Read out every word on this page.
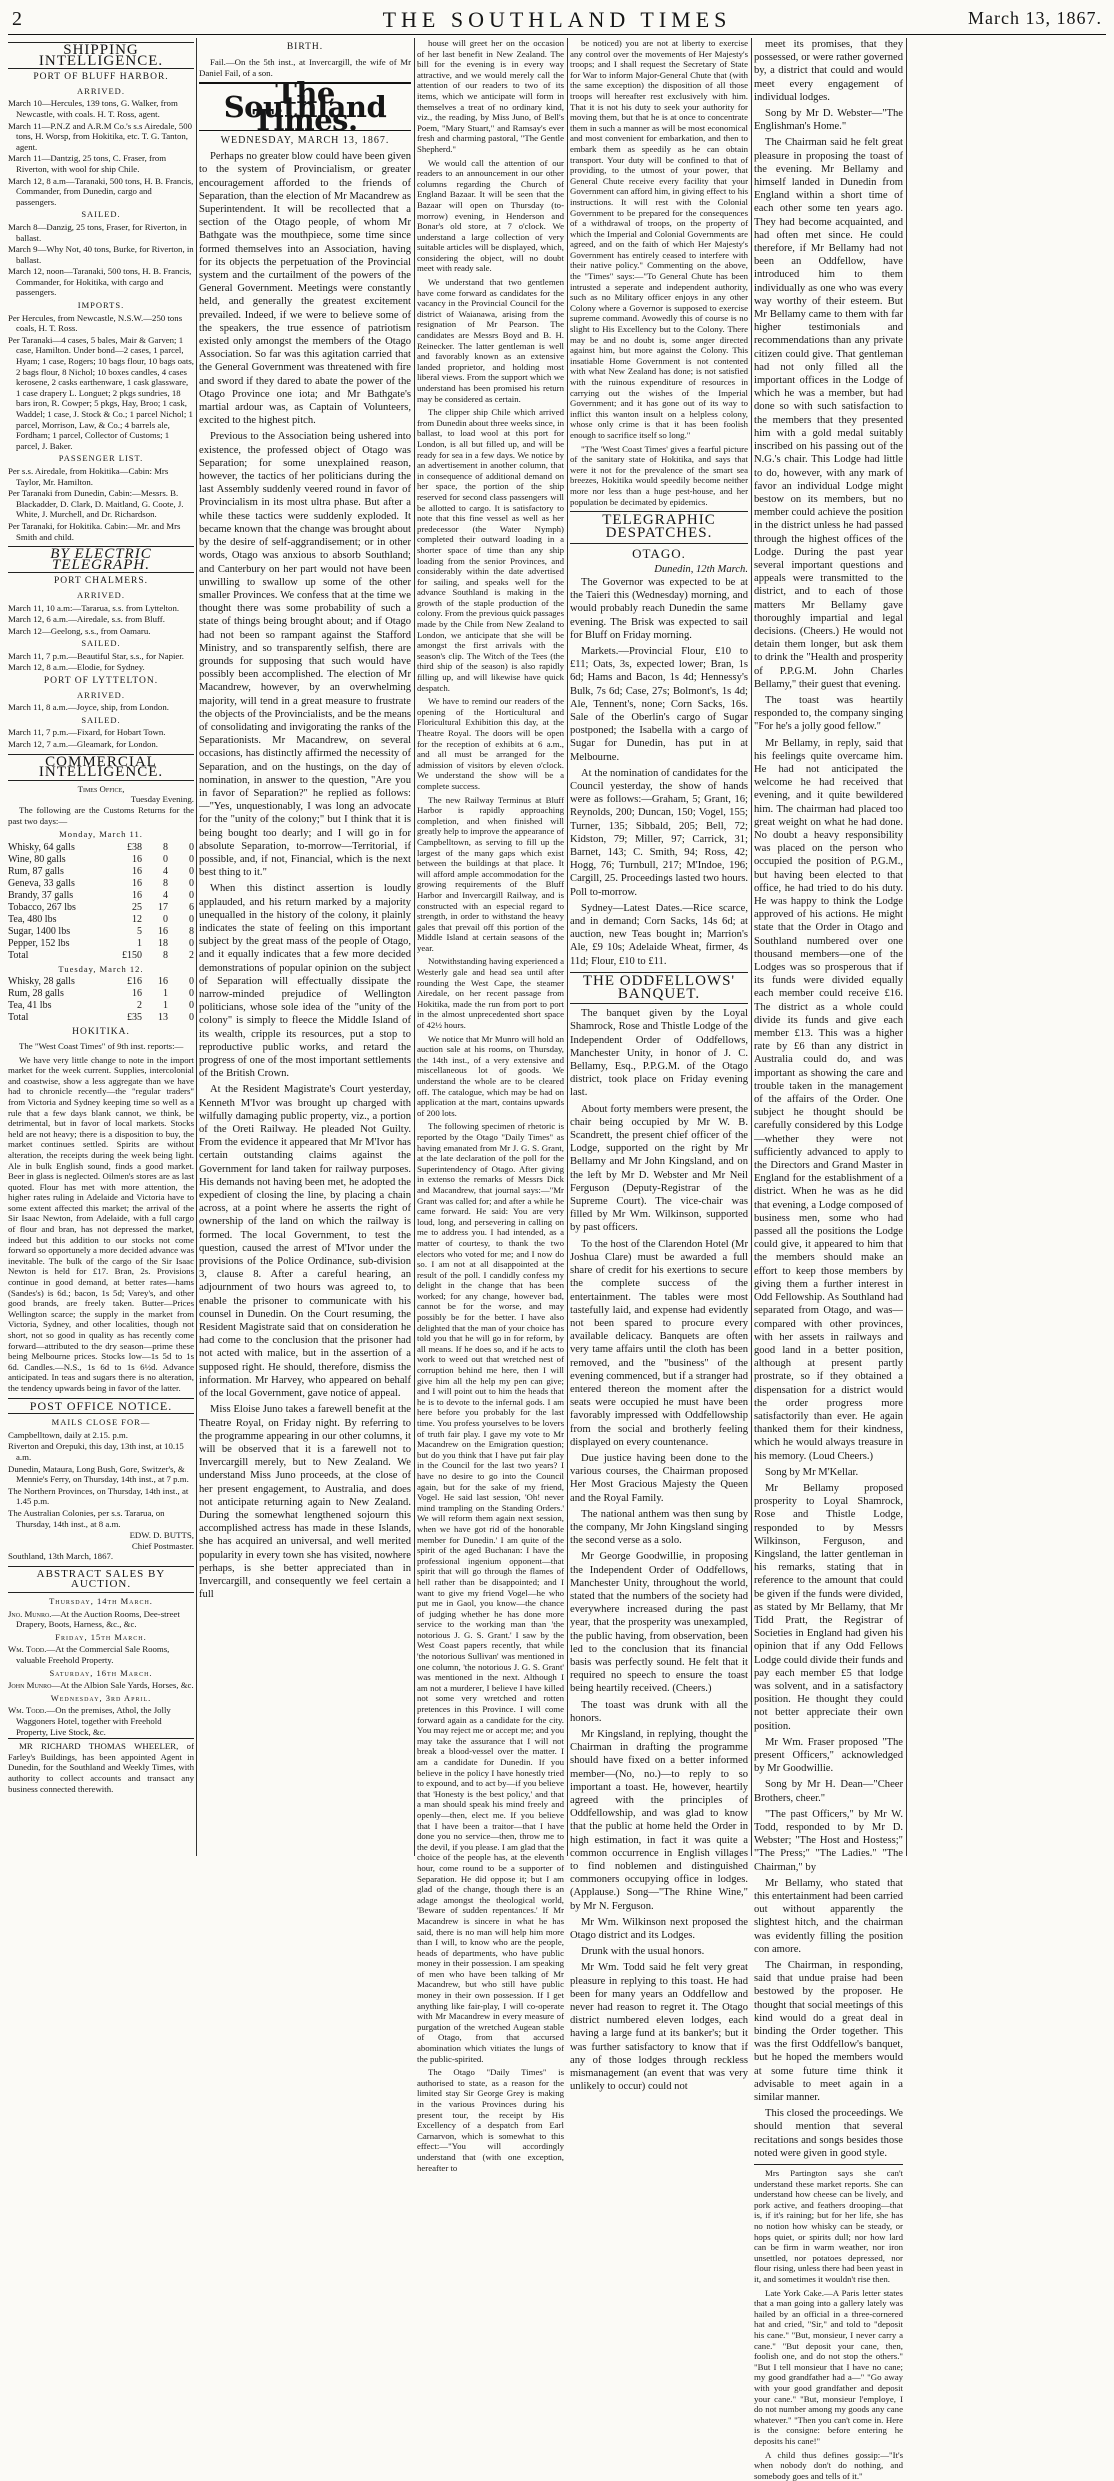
2	THE SOUTHLAND TIMES	March 13, 1867.
SHIPPING INTELLIGENCE.
PORT OF BLUFF HARBOR.
ARRIVED.
March 10—Hercules, 139 tons, G. Walker, from Newcastle, with coals. H. T. Ross, agent.
March 11—P.N.Z and A.R.M Co.'s s.s Airedale, 500 tons, H. Worsp, from Hokitika, etc. T. G. Tanton, agent.
March 11—Dantzig, 25 tons, C. Fraser, from Riverton, with wool for ship Chile.
March 12, 8 a.m—Taranaki, 500 tons, H. B. Francis, Commander, from Dunedin, cargo and passengers.
SAILED.
March 8—Danzig, 25 tons, Fraser, for Riverton, in ballast.
March 9—Why Not, 40 tons, Burke, for Riverton, in ballast.
March 12, noon—Taranaki, 500 tons, H. B. Francis, Commander, for Hokitika, with cargo and passengers.
IMPORTS.
Per Hercules, from Newcastle, N.S.W.—250 tons coals, H. T. Ross.
Per Taranaki—4 cases, 5 bales, Mair & Garven; 1 case, Hamilton. Under bond—2 cases, 1 parcel, Hyam; 1 case, Rogers; 10 bags flour, 10 bags oats, 2 bags flour, 8 Nichol; 10 boxes candles, 4 cases kerosene, 2 casks earthenware, 1 cask glassware, 1 case drapery L. Longuet; 2 pkgs sundries, 18 bars iron, R. Cowper; 5 pkgs, Hay, Broo; 1 cask, Waddel; 1 case, J. Stock & Co.; 1 parcel Nichol; 1 parcel, Morrison, Law, & Co.; 4 barrels ale, Fordham; 1 parcel, Collector of Customs; 1 parcel, J. Baker.
PASSENGER LIST.
Per s.s. Airedale, from Hokitika—Cabin: Mrs Taylor, Mr. Hamilton.
Per Taranaki from Dunedin, Cabin:—Messrs. B. Blackadder, D. Clark, D. Maitland, G. Coote, J. White, J. Murchell, and Dr. Richardson.
Per Taranaki, for Hokitika. Cabin:—Mr. and Mrs Smith and child.
BY ELECTRIC TELEGRAPH.
PORT CHALMERS.
ARRIVED.
March 11, 10 a.m:—Tararua, s.s. from Lyttelton.
March 12, 6 a.m.—Airedale, s.s. from Bluff.
March 12—Geelong, s.s., from Oamaru.
SAILED.
March 11, 7 p.m.—Beautiful Star, s.s., for Napier.
March 12, 8 a.m.—Elodie, for Sydney.
PORT OF LYTTELTON.
ARRIVED.
March 11, 8 a.m.—Joyce, ship, from London.
SAILED.
March 11, 7 p.m.—Fixard, for Hobart Town.
March 12, 7 a.m.—Gleamark, for London.
COMMERCIAL INTELLIGENCE.
Times Office,
Tuesday Evening.

The following are the Customs Returns for the past two days:—

Monday, March 11.
Whisky, 64 galls	£38	8	0
Wine, 80 galls	16	0	0
Rum, 87 galls	16	4	0
Geneva, 33 galls	16	8	0
Brandy, 37 galls	16	4	0
Tobacco, 267 lbs	25	17	6
Tea, 480 lbs	12	0	0
Sugar, 1400 lbs	5	16	8
Pepper, 152 lbs	1	18	0
Total	£150	8	2
Tuesday, March 12.
Whisky, 28 galls	£16	16	0
Rum, 28 galls	16	1	0
Tea, 41 lbs	2	1	0
Total	£35	13	0
HOKITIKA.

The "West Coast Times" of 9th inst. reports:—

We have very little change to note in the import market for the week current. Supplies, intercolonial and coastwise, show a less aggregate than we have had to chronicle recently—the "regular traders" from Victoria and Sydney keeping time so well as a rule that a few days blank cannot, we think, be detrimental, but in favor of local markets. Stocks held are not heavy; there is a disposition to buy, the market continues settled. Spirits are without alteration, the receipts during the week being light. Ale in bulk English sound, finds a good market. Beer in glass is neglected. Oilmen's stores are as last quoted. Flour has met with more attention, the higher rates ruling in Adelaide and Victoria have to some extent affected this market; the arrival of the Sir Isaac Newton, from Adelaide, with a full cargo of flour and bran, has not depressed the market, indeed but this addition to our stocks not come forward so opportunely a more decided advance was inevitable. The bulk of the cargo of the Sir Isaac Newton is held for £17. Bran, 2s. Provisions continue in good demand, at better rates—hams (Sandes's) is 6d.; bacon, 1s 5d; Varey's, and other good brands, are freely taken. Butter—Prices Wellington scarce; the supply in the market from Victoria, Sydney, and other localities, though not short, not so good in quality as has recently come forward—attributed to the dry season—prime these being Melbourne prices. Stocks low—1s 5d to 1s 6d. Candles.—N.S., 1s 6d to 1s 6½d. Advance anticipated. In teas and sugars there is no alteration, the tendency upwards being in favor of the latter.

POST OFFICE NOTICE.
MAILS CLOSE FOR—
Campbelltown, daily at 2.15. p.m.
Riverton and Orepuki, this day, 13th inst, at 10.15 a.m.
Dunedin, Mataura, Long Bush, Gore, Switzer's, & Mennie's Ferry, on Thursday, 14th inst., at 7 p.m.
The Northern Provinces, on Thursday, 14th inst., at 1.45 p.m.
The Australian Colonies, per s.s. Tararua, on Thursday, 14th inst., at 8 a.m.
EDW. D. BUTTS,
Chief Postmaster.
Southland, 13th March, 1867.
ABSTRACT SALES BY AUCTION.
Thursday, 14th March.
Jno. Munro.—At the Auction Rooms, Dee-street Drapery, Boots, Harness, &c., &c.
Friday, 15th March.
Wm. Todd.—At the Commercial Sale Rooms, valuable Freehold Property.
Saturday, 16th March.
John Munro—At the Albion Sale Yards, Horses, &c.
Wednesday, 3rd April.
Wm. Todd.—On the premises, Athol, the Jolly Waggoners Hotel, together with Freehold Property, Live Stock, &c.

MR RICHARD THOMAS WHEELER, of Farley's Buildings, has been appointed Agent in Dunedin, for the Southland and Weekly Times, with authority to collect accounts and transact any business connected therewith.

BIRTH.

Fail.—On the 5th inst., at Invercargill, the wife of Mr Daniel Fail, of a son.

The Southland Times.
WEDNESDAY, MARCH 13, 1867.

Perhaps no greater blow could have been given to the system of Provincialism, or greater encouragement afforded to the friends of Separation, than the election of Mr Macandrew as Superintendent. It will be recollected that a section of the Otago people, of whom Mr Bathgate was the mouthpiece, some time since formed themselves into an Association, having for its objects the perpetuation of the Provincial system and the curtailment of the powers of the General Government. Meetings were constantly held, and generally the greatest excitement prevailed. Indeed, if we were to believe some of the speakers, the true essence of patriotism existed only amongst the members of the Otago Association. So far was this agitation carried that the General Government was threatened with fire and sword if they dared to abate the power of the Otago Province one iota; and Mr Bathgate's martial ardour was, as Captain of Volunteers, excited to the highest pitch.

Previous to the Association being ushered into existence, the professed object of Otago was Separation; for some unexplained reason, however, the tactics of her politicians during the last Assembly suddenly veered round in favor of Provincialism in its most ultra phase. But after a while these tactics were suddenly exploded. It became known that the change was brought about by the desire of self-aggrandisement; or in other words, Otago was anxious to absorb Southland; and Canterbury on her part would not have been unwilling to swallow up some of the other smaller Provinces. We confess that at the time we thought there was some probability of such a state of things being brought about; and if Otago had not been so rampant against the Stafford Ministry, and so transparently selfish, there are grounds for supposing that such would have possibly been accomplished. The election of Mr Macandrew, however, by an overwhelming majority, will tend in a great measure to frustrate the objects of the Provincialists, and be the means of consolidating and invigorating the ranks of the Separationists. Mr Macandrew, on several occasions, has distinctly affirmed the necessity of Separation, and on the hustings, on the day of nomination, in answer to the question, "Are you in favor of Separation?" he replied as follows:—"Yes, unquestionably, I was long an advocate for the "unity of the colony;" but I think that it is being bought too dearly; and I will go in for absolute Separation, to-morrow—Territorial, if possible, and, if not, Financial, which is the next best thing to it."

When this distinct assertion is loudly applauded, and his return marked by a majority unequalled in the history of the colony, it plainly indicates the state of feeling on this important subject by the great mass of the people of Otago, and it equally indicates that a few more decided demonstrations of popular opinion on the subject of Separation will effectually dissipate the narrow-minded prejudice of Wellington politicians, whose sole idea of the "unity of the colony" is simply to fleece the Middle Island of its wealth, cripple its resources, put a stop to reproductive public works, and retard the progress of one of the most important settlements of the British Crown.

At the Resident Magistrate's Court yesterday, Kenneth M'Ivor was brought up charged with wilfully damaging public property, viz., a portion of the Oreti Railway. He pleaded Not Guilty. From the evidence it appeared that Mr M'Ivor has certain outstanding claims against the Government for land taken for railway purposes. His demands not having been met, he adopted the expedient of closing the line, by placing a chain across, at a point where he asserts the right of ownership of the land on which the railway is formed. The local Government, to test the question, caused the arrest of M'Ivor under the provisions of the Police Ordinance, sub-division 3, clause 8. After a careful hearing, an adjournment of two hours was agreed to, to enable the prisoner to communicate with his counsel in Dunedin. On the Court resuming, the Resident Magistrate said that on consideration he had come to the conclusion that the prisoner had not acted with malice, but in the assertion of a supposed right. He should, therefore, dismiss the information. Mr Harvey, who appeared on behalf of the local Government, gave notice of appeal.

Miss Eloise Juno takes a farewell benefit at the Theatre Royal, on Friday night. By referring to the programme appearing in our other columns, it will be observed that it is a farewell not to Invercargill merely, but to New Zealand. We understand Miss Juno proceeds, at the close of her present engagement, to Australia, and does not anticipate returning again to New Zealand. During the somewhat lengthened sojourn this accomplished actress has made in these Islands, she has acquired an universal, and well merited popularity in every town she has visited, nowhere perhaps, is she better appreciated than in Invercargill, and consequently we feel certain a full

house will greet her on the occasion of her last benefit in New Zealand. The bill for the evening is in every way attractive, and we would merely call the attention of our readers to two of its items, which we anticipate will form in themselves a treat of no ordinary kind, viz., the reading, by Miss Juno, of Bell's Poem, "Mary Stuart," and Ramsay's ever fresh and charming pastoral, "The Gentle Shepherd."

We would call the attention of our readers to an announcement in our other columns regarding the Church of England Bazaar. It will be seen that the Bazaar will open on Thursday (to-morrow) evening, in Henderson and Bonar's old store, at 7 o'clock. We understand a large collection of very suitable articles will be displayed, which, considering the object, will no doubt meet with ready sale.

We understand that two gentlemen have come forward as candidates for the vacancy in the Provincial Council for the district of Waianawa, arising from the resignation of Mr Pearson. The candidates are Messrs Boyd and B. H. Reinecker. The latter gentleman is well and favorably known as an extensive landed proprietor, and holding most liberal views. From the support which we understand has been promised his return may be considered as certain.

The clipper ship Chile which arrived from Dunedin about three weeks since, in ballast, to load wool at this port for London, is all but filled up, and will be ready for sea in a few days. We notice by an advertisement in another column, that in consequence of additional demand on her space, the portion of the ship reserved for second class passengers will be allotted to cargo. It is satisfactory to note that this fine vessel as well as her predecessor (the Water Nymph) completed their outward loading in a shorter space of time than any ship loading from the senior Provinces, and considerably within the date advertised for sailing, and speaks well for the advance Southland is making in the growth of the staple production of the colony. From the previous quick passages made by the Chile from New Zealand to London, we anticipate that she will be amongst the first arrivals with the season's clip. The Witch of the Tees (the third ship of the season) is also rapidly filling up, and will likewise have quick despatch.

We have to remind our readers of the opening of the Horticultural and Floricultural Exhibition this day, at the Theatre Royal. The doors will be open for the reception of exhibits at 6 a.m., and all must be arranged for the admission of visitors by eleven o'clock. We understand the show will be a complete success.

The new Railway Terminus at Bluff Harbor is rapidly approaching completion, and when finished will greatly help to improve the appearance of Campbelltown, as serving to fill up the largest of the many gaps which exist between the buildings at that place. It will afford ample accommodation for the growing requirements of the Bluff Harbor and Invercargill Railway, and is constructed with an especial regard to strength, in order to withstand the heavy gales that prevail off this portion of the Middle Island at certain seasons of the year.

Notwithstanding having experienced a Westerly gale and head sea until after rounding the West Cape, the steamer Airedale, on her recent passage from Hokitika, made the run from port to port in the almost unprecedented short space of 42½ hours.

We notice that Mr Munro will hold an auction sale at his rooms, on Thursday, the 14th inst., of a very extensive and miscellaneous lot of goods. We understand the whole are to be cleared off. The catalogue, which may be had on application at the mart, contains upwards of 200 lots.

The following specimen of rhetoric is reported by the Otago "Daily Times" as having emanated from Mr J. G. S. Grant, at the late declaration of the poll for the Superintendency of Otago. After giving in extenso the remarks of Messrs Dick and Macandrew, that journal says:—"Mr Grant was called for; and after a while he came forward. He said: You are very loud, long, and persevering in calling on me to address you. I had intended, as a matter of courtesy, to thank the two electors who voted for me; and I now do so. I am not at all disappointed at the result of the poll. I candidly confess my delight in the change that has been worked; for any change, however bad, cannot be for the worse, and may possibly be for the better. I have also delighted that the man of your choice has told you that he will go in for reform, by all means. If he does so, and if he acts to work to weed out that wretched nest of corruption behind me here, then I will give him all the help my pen can give; and I will point out to him the heads that he is to devote to the infernal gods. I am here before you probably for the last time. You profess yourselves to be lovers of truth fair play. I gave my vote to Mr Macandrew on the Emigration question; but do you think that I have put fair play in the Council for the last two years? I have no desire to go into the Council again, but for the sake of my friend, Vogel. He said last session, 'Oh! never mind trampling on the Standing Orders.' We will reform them again next session, when we have got rid of the honorable member for Dunedin.' I am quite of the spirit of the aged Buchanan: I have the professional ingenium opponent—that spirit that will go through the flames of hell rather than be disappointed; and I want to give my friend Vogel—he who put me in Gaol, you know—the chance of judging whether he has done more service to the working man than 'the notorious J. G. S. Grant.' I saw by the West Coast papers recently, that while 'the notorious Sullivan' was mentioned in one column, 'the notorious J. G. S. Grant' was mentioned in the next. Although I am not a murderer, I believe I have killed not some very wretched and rotten pretences in this Province. I will come forward again as a candidate for the city. You may reject me or accept me; and you may take the assurance that I will not break a blood-vessel over the matter. I am a candidate for Dunedin. If you believe in the policy I have honestly tried to expound, and to act by—if you believe that 'Honesty is the best policy,' and that a man should speak his mind freely and openly—then, elect me. If you believe that I have been a traitor—that I have done you no service—then, throw me to the devil, if you please. I am glad that the choice of the people has, at the eleventh hour, come round to be a supporter of Separation. He did oppose it; but I am glad of the change, though there is an adage amongst the theological world, 'Beware of sudden repentances.' If Mr Macandrew is sincere in what he has said, there is no man will help him more than I will, to know who are the people, heads of departments, who have public money in their possession. I am speaking of men who have been talking of Mr Macandrew, but who still have public money in their own possession. If I get anything like fair-play, I will co-operate with Mr Macandrew in every measure of purgation of the wretched Augean stable of Otago, from that accursed abomination which vitiates the lungs of the public-spirited.

The Otago "Daily Times" is authorised to state, as a reason for the limited stay Sir George Grey is making in the various Provinces during his present tour, the receipt by His Excellency of a despatch from Earl Carnarvon, which is somewhat to this effect:—"You will accordingly understand that (with one exception, hereafter to

be noticed) you are not at liberty to exercise any control over the movements of Her Majesty's troops; and I shall request the Secretary of State for War to inform Major-General Chute that (with the same exception) the disposition of all those troops will hereafter rest exclusively with him. That it is not his duty to seek your authority for moving them, but that he is at once to concentrate them in such a manner as will be most economical and most convenient for embarkation, and then to embark them as speedily as he can obtain transport. Your duty will be confined to that of providing, to the utmost of your power, that General Chute receive every facility that your Government can afford him, in giving effect to his instructions. It will rest with the Colonial Government to be prepared for the consequences of a withdrawal of troops, on the property of which the Imperial and Colonial Governments are agreed, and on the faith of which Her Majesty's Government has entirely ceased to interfere with their native policy." Commenting on the above, the "Times" says:—"To General Chute has been intrusted a seperate and independent authority, such as no Military officer enjoys in any other Colony where a Governor is supposed to exercise supreme command. Avowedly this of course is no slight to His Excellency but to the Colony. There may be and no doubt is, some anger directed against him, but more against the Colony. This insatiable Home Government is not contented with what New Zealand has done; is not satisfied with the ruinous expenditure of resources in carrying out the wishes of the Imperial Government; and it has gone out of its way to inflict this wanton insult on a helpless colony, whose only crime is that it has been foolish enough to sacrifice itself so long."

"The 'West Coast Times' gives a fearful picture of the sanitary state of Hokitika, and says that were it not for the prevalence of the smart sea breezes, Hokitika would speedily become neither more nor less than a huge pest-house, and her population be decimated by epidemics.

TELEGRAPHIC DESPATCHES.
OTAGO.
Dunedin, 12th March.

The Governor was expected to be at the Taieri this (Wednesday) morning, and would probably reach Dunedin the same evening. The Brisk was expected to sail for Bluff on Friday morning.

Markets.—Provincial Flour, £10 to £11; Oats, 3s, expected lower; Bran, 1s 6d; Hams and Bacon, 1s 4d; Hennessy's Bulk, 7s 6d; Case, 27s; Bolmont's, 1s 4d; Ale, Tennent's, none; Corn Sacks, 16s. Sale of the Oberlin's cargo of Sugar postponed; the Isabella with a cargo of Sugar for Dunedin, has put in at Melbourne.

At the nomination of candidates for the Council yesterday, the show of hands were as follows:—Graham, 5; Grant, 16; Reynolds, 200; Duncan, 150; Vogel, 155; Turner, 135; Sibbald, 205; Bell, 72; Kidston, 79; Miller, 97; Carrick, 31; Barnet, 143; C. Smith, 94; Ross, 42; Hogg, 76; Turnbull, 217; M'Indoe, 196; Cargill, 25. Proceedings lasted two hours. Poll to-morrow.

Sydney—Latest Dates.—Rice scarce, and in demand; Corn Sacks, 14s 6d; at auction, new Teas bought in; Marrion's Ale, £9 10s; Adelaide Wheat, firmer, 4s 11d; Flour, £10 to £11.

THE ODDFELLOWS' BANQUET.

The banquet given by the Loyal Shamrock, Rose and Thistle Lodge of the Independent Order of Oddfellows, Manchester Unity, in honor of J. C. Bellamy, Esq., P.P.G.M. of the Otago district, took place on Friday evening last.

About forty members were present, the chair being occupied by Mr W. B. Scandrett, the present chief officer of the Lodge, supported on the right by Mr Bellamy and Mr John Kingsland, and on the left by Mr D. Webster and Mr Neil Ferguson (Deputy-Registrar of the Supreme Court). The vice-chair was filled by Mr Wm. Wilkinson, supported by past officers.

To the host of the Clarendon Hotel (Mr Joshua Clare) must be awarded a full share of credit for his exertions to secure the complete success of the entertainment. The tables were most tastefully laid, and expense had evidently not been spared to procure every available delicacy. Banquets are often very tame affairs until the cloth has been removed, and the "business" of the evening commenced, but if a stranger had entered thereon the moment after the seats were occupied he must have been favorably impressed with Oddfellowship from the social and brotherly feeling displayed on every countenance.

Due justice having been done to the various courses, the Chairman proposed Her Most Gracious Majesty the Queen and the Royal Family.

The national anthem was then sung by the company, Mr John Kingsland singing the second verse as a solo.

Mr George Goodwillie, in proposing the Independent Order of Oddfellows, Manchester Unity, throughout the world, stated that the numbers of the society had everywhere increased during the past year, that the prosperity was unexampled, the public having, from observation, been led to the conclusion that its financial basis was perfectly sound. He felt that it required no speech to ensure the toast being heartily received. (Cheers.)

The toast was drunk with all the honors.

Mr Kingsland, in replying, thought the Chairman in drafting the programme should have fixed on a better informed member—(No, no.)—to reply to so important a toast. He, however, heartily agreed with the principles of Oddfellowship, and was glad to know that the public at home held the Order in high estimation, in fact it was quite a common occurrence in English villages to find noblemen and distinguished commoners occupying office in lodges. (Applause.) Song—"The Rhine Wine," by Mr N. Ferguson.

Mr Wm. Wilkinson next proposed the Otago district and its Lodges.

Drunk with the usual honors.

Mr Wm. Todd said he felt very great pleasure in replying to this toast. He had been for many years an Oddfellow and never had reason to regret it. The Otago district numbered eleven lodges, each having a large fund at its banker's; but it was further satisfactory to know that if any of those lodges through reckless mismanagement (an event that was very unlikely to occur) could not

meet its promises, that they possessed, or were rather governed by, a district that could and would meet every engagement of individual lodges.

Song by Mr D. Webster—"The Englishman's Home."

The Chairman said he felt great pleasure in proposing the toast of the evening. Mr Bellamy and himself landed in Dunedin from England within a short time of each other some ten years ago. They had become acquainted, and had often met since. He could therefore, if Mr Bellamy had not been an Oddfellow, have introduced him to them individually as one who was every way worthy of their esteem. But Mr Bellamy came to them with far higher testimonials and recommendations than any private citizen could give. That gentleman had not only filled all the important offices in the Lodge of which he was a member, but had done so with such satisfaction to the members that they presented him with a gold medal suitably inscribed on his passing out of the N.G.'s chair. This Lodge had little to do, however, with any mark of favor an individual Lodge might bestow on its members, but no member could achieve the position in the district unless he had passed through the highest offices of the Lodge. During the past year several important questions and appeals were transmitted to the district, and to each of those matters Mr Bellamy gave thoroughly impartial and legal decisions. (Cheers.) He would not detain them longer, but ask them to drink the "Health and prosperity of P.P.G.M. John Charles Bellamy," their guest that evening.

The toast was heartily responded to, the company singing "For he's a jolly good fellow."

Mr Bellamy, in reply, said that his feelings quite overcame him. He had not anticipated the welcome he had received that evening, and it quite bewildered him. The chairman had placed too great weight on what he had done. No doubt a heavy responsibility was placed on the person who occupied the position of P.G.M., but having been elected to that office, he had tried to do his duty. He was happy to think the Lodge approved of his actions. He might state that the Order in Otago and Southland numbered over one thousand members—one of the Lodges was so prosperous that if its funds were divided equally each member could receive £16. The district as a whole could divide its funds and give each member £13. This was a higher rate by £6 than any district in Australia could do, and was important as showing the care and trouble taken in the management of the affairs of the Order. One subject he thought should be carefully considered by this Lodge—whether they were not sufficiently advanced to apply to the Directors and Grand Master in England for the establishment of a district. When he was as he did that evening, a Lodge composed of business men, some who had passed all the positions the Lodge could give, it appeared to him that the members should make an effort to keep those members by giving them a further interest in Odd Fellowship. As Southland had separated from Otago, and was—compared with other provinces, with her assets in railways and good land in a better position, although at present partly prostrate, so if they obtained a dispensation for a district would the order progress more satisfactorily than ever. He again thanked them for their kindness, which he would always treasure in his memory. (Loud Cheers.)

Song by Mr M'Kellar.

Mr Bellamy proposed prosperity to Loyal Shamrock, Rose and Thistle Lodge, responded to by Messrs Wilkinson, Ferguson, and Kingsland, the latter gentleman in his remarks, stating that in reference to the amount that could be given if the funds were divided, as stated by Mr Bellamy, that Mr Tidd Pratt, the Registrar of Societies in England had given his opinion that if any Odd Fellows Lodge could divide their funds and pay each member £5 that lodge was solvent, and in a satisfactory position. He thought they could not better appreciate their own position.

Mr Wm. Fraser proposed "The present Officers," acknowledged by Mr Goodwillie.

Song by Mr H. Dean—"Cheer Brothers, cheer."

"The past Officers," by Mr W. Todd, responded to by Mr D. Webster; "The Host and Hostess;" "The Press;" "The Ladies." "The Chairman," by

Mr Bellamy, who stated that this entertainment had been carried out without apparently the slightest hitch, and the chairman was evidently filling the position con amore.

The Chairman, in responding, said that undue praise had been bestowed by the proposer. He thought that social meetings of this kind would do a great deal in binding the Order together. This was the first Oddfellow's banquet, but he hoped the members would at some future time think it advisable to meet again in a similar manner.

This closed the proceedings. We should mention that several recitations and songs besides those noted were given in good style.

Mrs Partington says she can't understand these market reports. She can understand how cheese can be lively, and pork active, and feathers drooping—that is, if it's raining; but for her life, she has no notion how whisky can be steady, or hops quiet, or spirits dull; nor how lard can be firm in warm weather, nor iron unsettled, nor potatoes depressed, nor flour rising, unless there had been yeast in it, and sometimes it wouldn't rise then.

Late York Cake.—A Paris letter states that a man going into a gallery lately was hailed by an official in a three-cornered hat and cried, "Sir," and told to "deposit his cane." "But, monsieur, I never carry a cane." "But deposit your cane, then, foolish one, and do not stop the others." "But I tell monsieur that I have no cane; my good grandfather had a—" "Go away with your good grandfather and deposit your cane." "But, monsieur l'employe, I do not number among my goods any cane whatever." "Then you can't come in. Here is the consigne: before entering he deposits his cane!"

A child thus defines gossip:—"It's when nobody don't do nothing, and somebody goes and tells of it."
